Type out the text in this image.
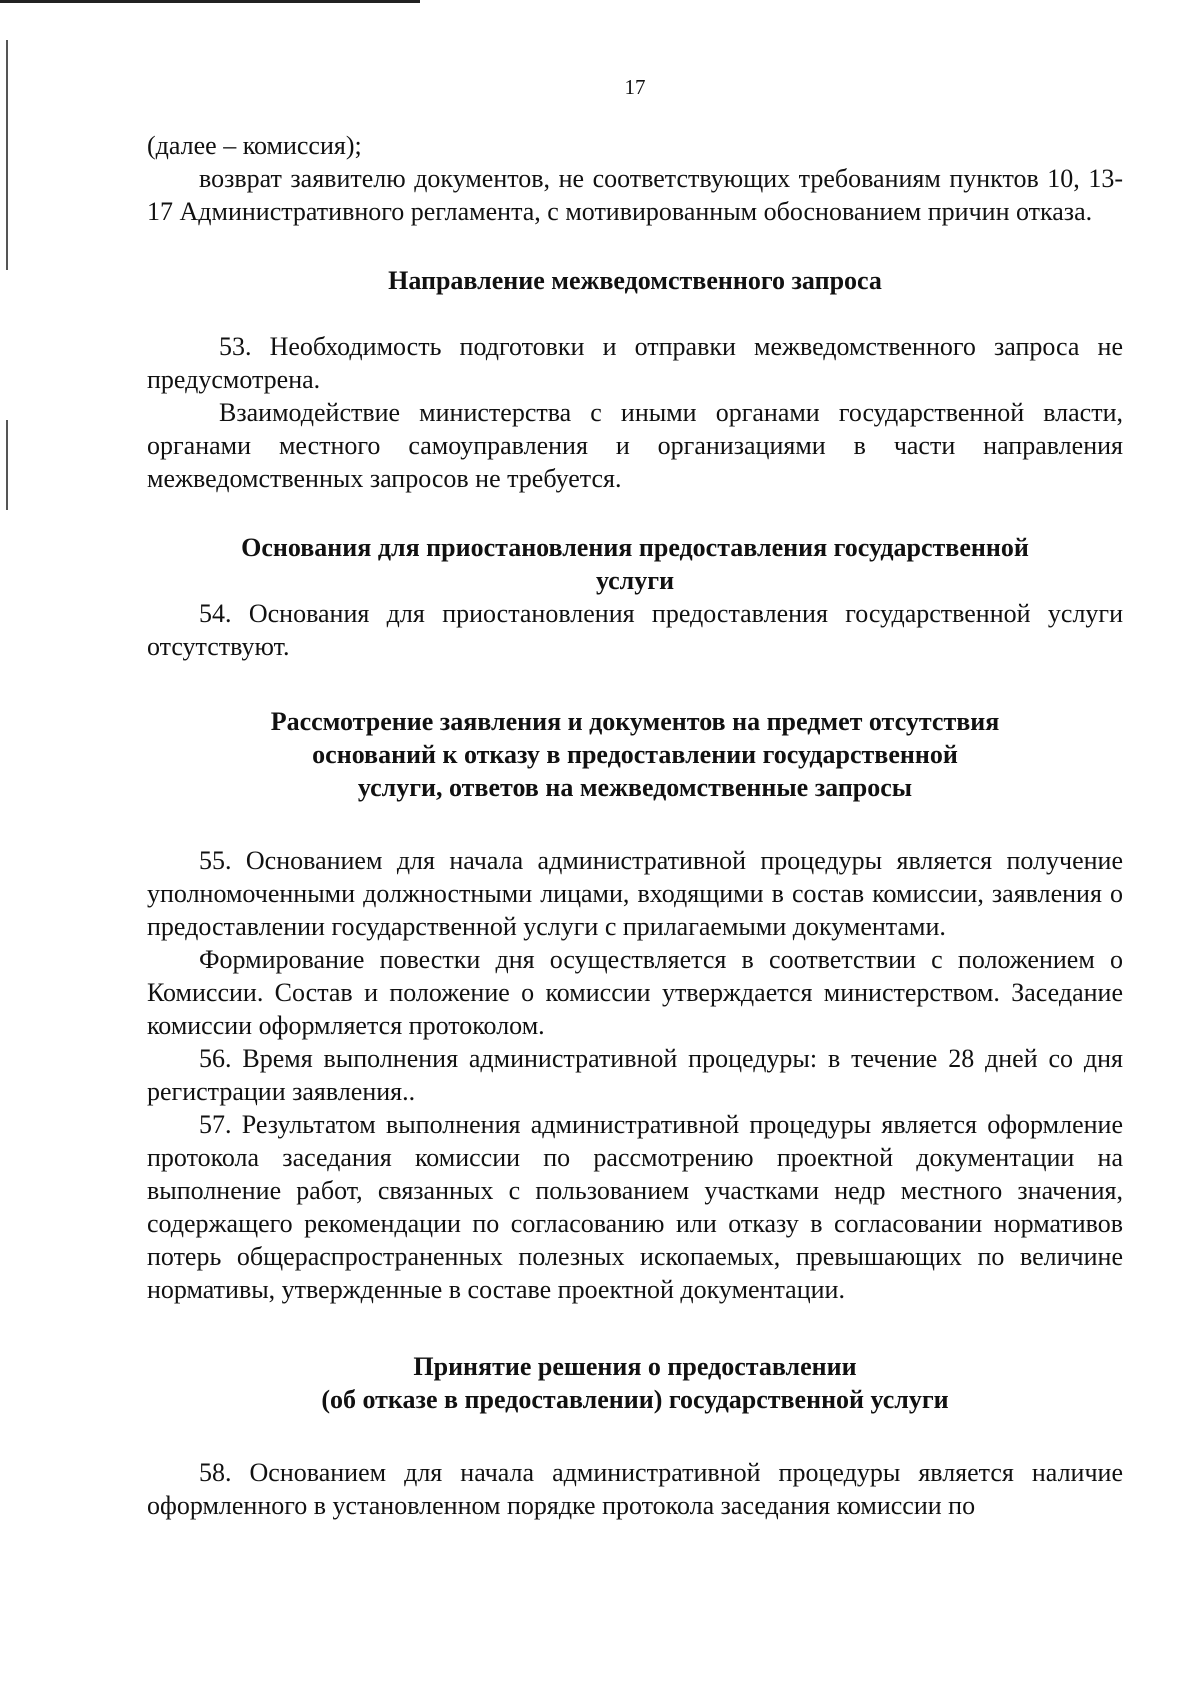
17

(далее – комиссия);

возврат заявителю документов, не соответствующих требованиям пунктов 10, 13-17 Административного регламента, с мотивированным обоснованием причин отказа.

Направление межведомственного запроса

53. Необходимость подготовки и отправки межведомственного запроса не предусмотрена.

Взаимодействие министерства с иными органами государственной власти, органами местного самоуправления и организациями в части направления межведомственных запросов не требуется.

Основания для приостановления предоставления государственной
услуги

54. Основания для приостановления предоставления государственной услуги отсутствуют.

Рассмотрение заявления и документов на предмет отсутствия
оснований к отказу в предоставлении государственной
услуги, ответов на межведомственные запросы

55. Основанием для начала административной процедуры является получение уполномоченными должностными лицами, входящими в состав комиссии, заявления о предоставлении государственной услуги с прилагаемыми документами.

Формирование повестки дня осуществляется в соответствии с положением о Комиссии. Состав и положение о комиссии утверждается министерством. Заседание комиссии оформляется протоколом.

56. Время выполнения административной процедуры: в течение 28 дней со дня регистрации заявления..

57. Результатом выполнения административной процедуры является оформление протокола заседания комиссии по рассмотрению проектной документации на выполнение работ, связанных с пользованием участками недр местного значения, содержащего рекомендации по согласованию или отказу в согласовании нормативов потерь общераспространенных полезных ископаемых, превышающих по величине нормативы, утвержденные в составе проектной документации.

Принятие решения о предоставлении
(об отказе в предоставлении) государственной услуги

58. Основанием для начала административной процедуры является наличие оформленного в установленном порядке протокола заседания комиссии по
